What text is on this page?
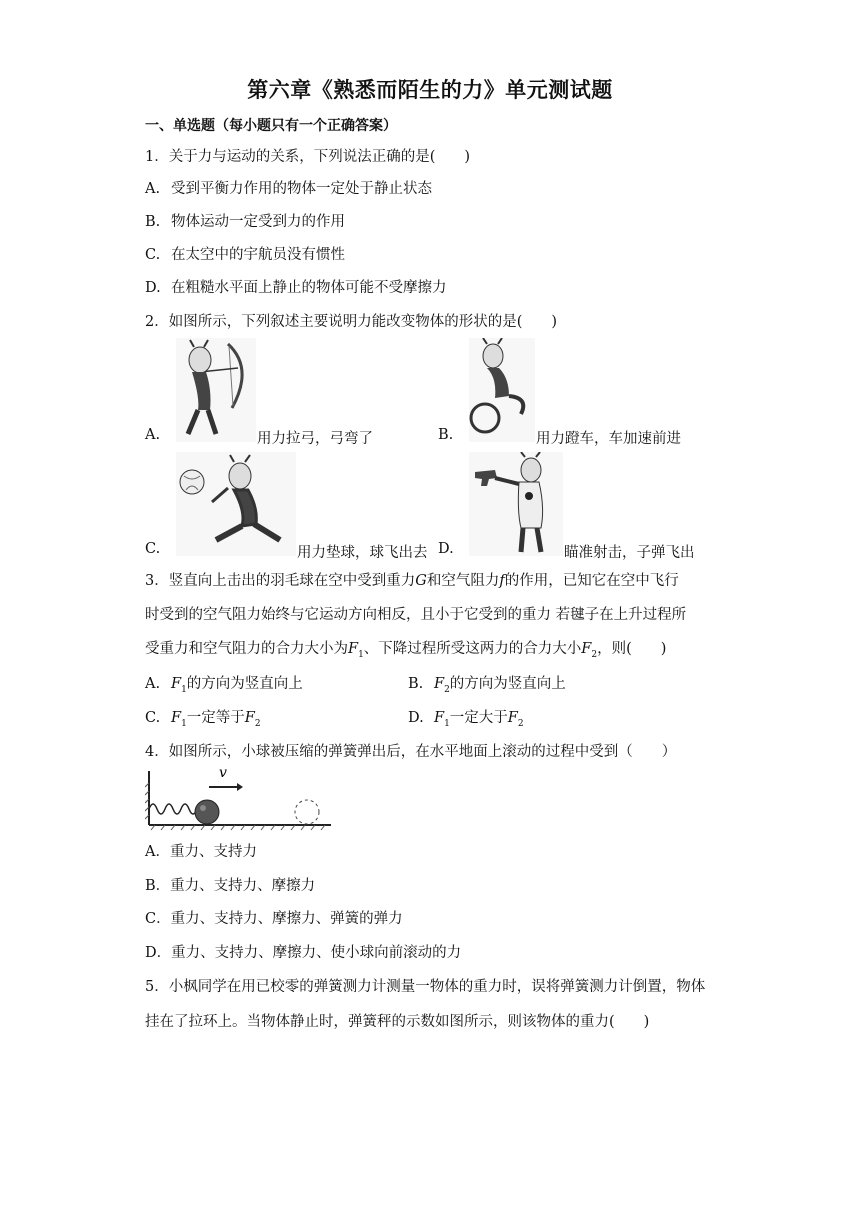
第六章《熟悉而陌生的力》单元测试题
一、单选题（每小题只有一个正确答案）
1．关于力与运动的关系，下列说法正确的是(　　)
A. 受到平衡力作用的物体一定处于静止状态
B. 物体运动一定受到力的作用
C. 在太空中的宇航员没有惯性
D. 在粗糙水平面上静止的物体可能不受摩擦力
2．如图所示，下列叙述主要说明力能改变物体的形状的是(　　)
A.	用力拉弓，弓弯了	B.	用力蹬车，车加速前进
C.	用力垫球，球飞出去 D.	瞄准射击，子弹飞出
3．竖直向上击出的羽毛球在空中受到重力G和空气阻力f的作用，已知它在空中飞行
时受到的空气阻力始终与它运动方向相反，且小于它受到的重力 若毽子在上升过程所
受重力和空气阻力的合力大小为$F_1$、下降过程所受这两力的合力大小$F_2$，则(　　)
A. $F_1$的方向为竖直向上	B. $F_2$的方向为竖直向上
C. $F_1$一定等于$F_2$	D. $F_1$一定大于$F_2$
4．如图所示，小球被压缩的弹簧弹出后，在水平地面上滚动的过程中受到（　　）
v
A．重力、支持力
B．重力、支持力、摩擦力
C．重力、支持力、摩擦力、弹簧的弹力
D．重力、支持力、摩擦力、使小球向前滚动的力
5．小枫同学在用已校零的弹簧测力计测量一物体的重力时，误将弹簧测力计倒置，物体
挂在了拉环上。当物体静止时，弹簧秤的示数如图所示，则该物体的重力(　　)
